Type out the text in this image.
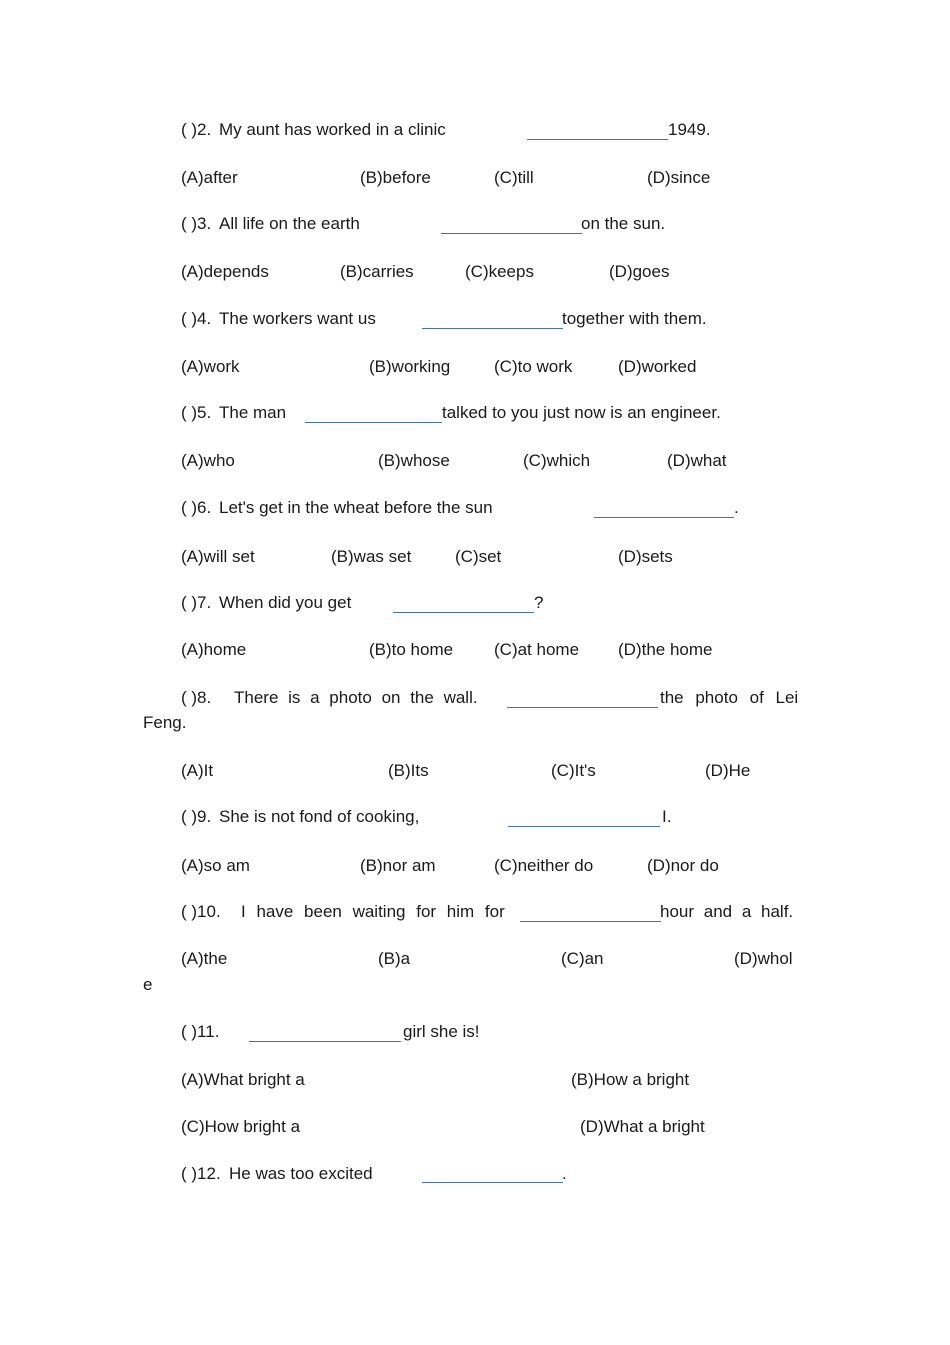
( )2. My aunt has worked in a clinic	1949.
(A)after	(B)before	(C)till	(D)since
( )3. All life on the earth	on the sun.
(A)depends	(B)carries	(C)keeps	(D)goes
( )4. The workers want us	together with them.
(A)work	(B)working	(C)to work	(D)worked
( )5. The man	talked to you just now is an engineer.
(A)who	(B)whose	(C)which	(D)what
( )6. Let's get in the wheat before the sun	.
(A)will set	(B)was set	(C)set	(D)sets
( )7. When did you get	?
(A)home	(B)to home (C)at home (D)the home
( )8. There is a photo on the wall.	the photo of Lei
Feng.
(A)It	(B)Its	(C)It's	(D)He
( )9. She is not fond of cooking,	I.
(A)so am	(B)nor am	(C)neither do	(D)nor do
( )10. I have been waiting for him for	hour and a half.
(A)the	(B)a	(C)an	(D)whol
e
( )11.	girl she is!
(A)What bright a	(B)How a bright
(C)How bright a	(D)What a bright
( )12. He was too excited	.
